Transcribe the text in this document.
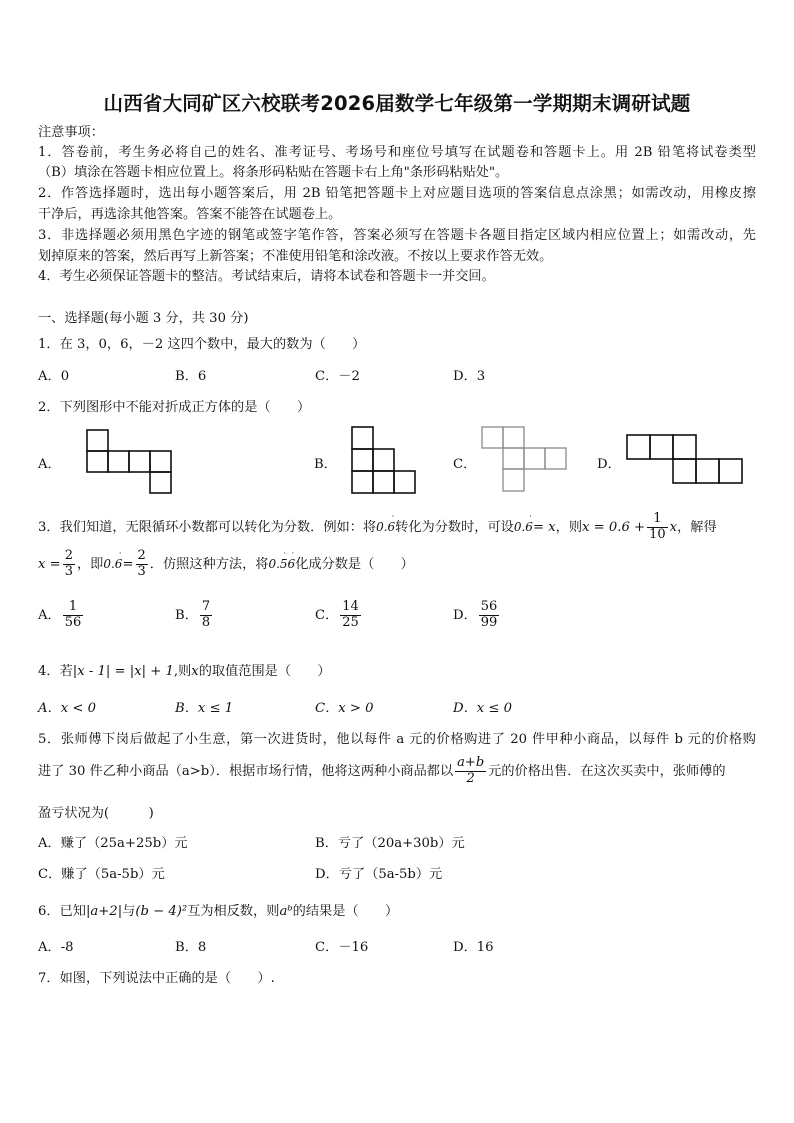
山西省大同矿区六校联考2026届数学七年级第一学期期末调研试题
注意事项：
1．答卷前，考生务必将自己的姓名、准考证号、考场号和座位号填写在试题卷和答题卡上。用 2B 铅笔将试卷类型
（B）填涂在答题卡相应位置上。将条形码粘贴在答题卡右上角"条形码粘贴处"。
2．作答选择题时，选出每小题答案后，用 2B 铅笔把答题卡上对应题目选项的答案信息点涂黑；如需改动，用橡皮擦
干净后，再选涂其他答案。答案不能答在试题卷上。
3．非选择题必须用黑色字迹的钢笔或签字笔作答，答案必须写在答题卡各题目指定区域内相应位置上；如需改动，先
划掉原来的答案，然后再写上新答案；不准使用铅笔和涂改液。不按以上要求作答无效。
4．考生必须保证答题卡的整洁。考试结束后，请将本试卷和答题卡一并交回。
一、选择题(每小题 3 分，共 30 分)
1．在 3，0，6，－2 这四个数中，最大的数为（　　）
A．0	B．6	C．－2	D．3
2．下列图形中不能对折成正方体的是（　　）
A．	B．	C．	D．
3．我们知道，无限循环小数都可以转化为分数．例如：将0.6
·
转化为分数时，可设0.6
·
= x，则$x = 0.6 + \frac{1}{10}$ x，解得
$x = \frac{2}{3}$ ，即0.6
·
= $\frac{2}{3}$ ．仿照这种方法，将0.56
· ·
化成分数是（　　）
A． $\frac{1}{56}$	B． $\frac{7}{8}$	C． $\frac{14}{25}$	D． $\frac{56}{99}$
4．若|x - 1| = |x| + 1,则x的取值范围是（　　）
A．x < 0	B．x ≤ 1	C．x > 0	D．x ≤ 0
5．张师傅下岗后做起了小生意，第一次进货时，他以每件 a 元的价格购进了 20 件甲种小商品，以每件 b 元的价格购
进了 30 件乙种小商品（a>b）．根据市场行情，他将这两种小商品都以 $\frac{a+b}{2}$ 元的价格出售．在这次买卖中，张师傅的
盈亏状况为(　　　)
A．赚了（25a+25b）元	B．亏了（20a+30b）元
C．赚了（5a-5b）元	D．亏了（5a-5b）元
6．已知|a+2|与(b − 4)²互为相反数，则aᵇ的结果是（　　）
A．-8	B．8	C．－16	D．16
7．如图，下列说法中正确的是（　　）.
